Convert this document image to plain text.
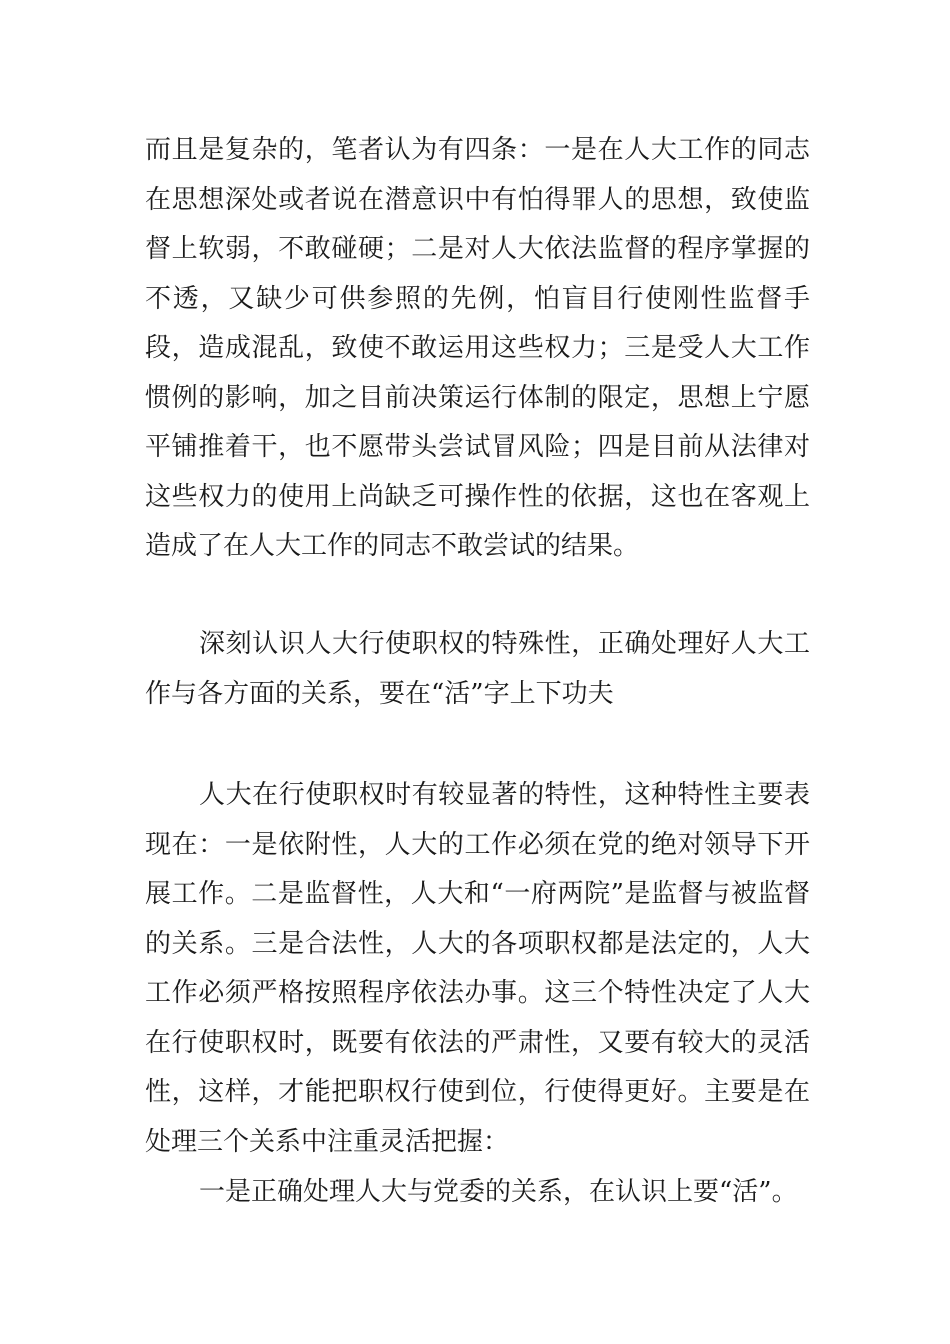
而且是复杂的，笔者认为有四条：一是在人大工作的同志在思想深处或者说在潜意识中有怕得罪人的思想，致使监督上软弱，不敢碰硬；二是对人大依法监督的程序掌握的不透，又缺少可供参照的先例，怕盲目行使刚性监督手段，造成混乱，致使不敢运用这些权力；三是受人大工作惯例的影响，加之目前决策运行体制的限定，思想上宁愿平铺推着干，也不愿带头尝试冒风险；四是目前从法律对这些权力的使用上尚缺乏可操作性的依据，这也在客观上造成了在人大工作的同志不敢尝试的结果。

深刻认识人大行使职权的特殊性，正确处理好人大工作与各方面的关系，要在“活”字上下功夫

人大在行使职权时有较显著的特性，这种特性主要表现在：一是依附性，人大的工作必须在党的绝对领导下开展工作。二是监督性，人大和“一府两院”是监督与被监督的关系。三是合法性，人大的各项职权都是法定的，人大工作必须严格按照程序依法办事。这三个特性决定了人大在行使职权时，既要有依法的严肃性，又要有较大的灵活性，这样，才能把职权行使到位，行使得更好。主要是在处理三个关系中注重灵活把握：

一是正确处理人大与党委的关系，在认识上要“活”。
